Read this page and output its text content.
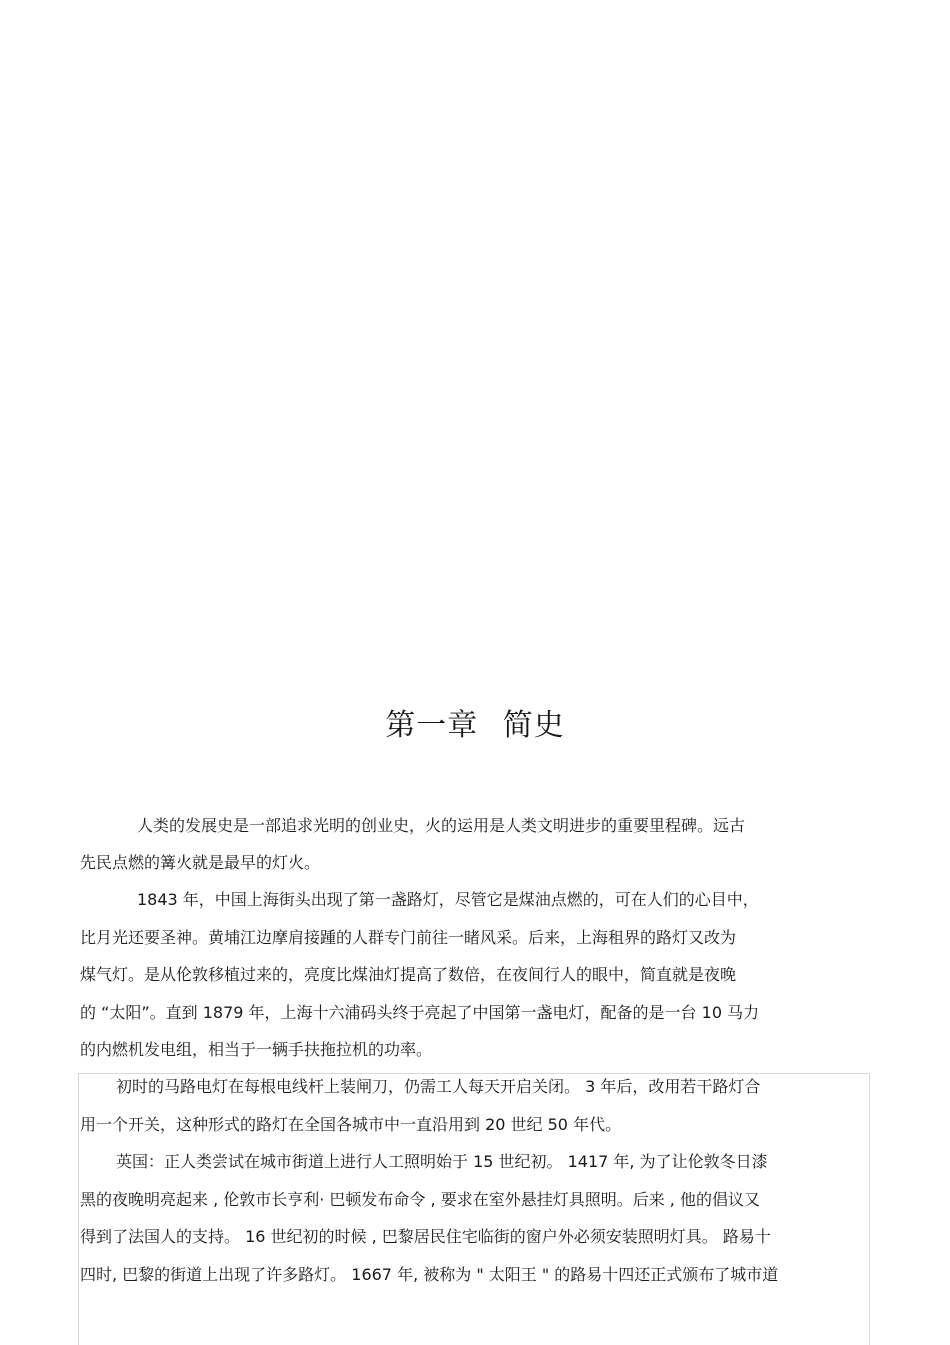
第一章 简史

人类的发展史是一部追求光明的创业史，火的运用是人类文明进步的重要里程碑。远古

先民点燃的篝火就是最早的灯火。

1843 年，中国上海街头出现了第一盏路灯，尽管它是煤油点燃的，可在人们的心目中，

比月光还要圣神。黄埔江边摩肩接踵的人群专门前往一睹风采。后来，上海租界的路灯又改为

煤气灯。是从伦敦移植过来的，亮度比煤油灯提高了数倍，在夜间行人的眼中，简直就是夜晚

的 “太阳”。直到 1879 年，上海十六浦码头终于亮起了中国第一盏电灯，配备的是一台 10 马力

的内燃机发电组，相当于一辆手扶拖拉机的功率。

初时的马路电灯在每根电线杆上装闸刀，仍需工人每天开启关闭。 3 年后，改用若干路灯合

用一个开关，这种形式的路灯在全国各城市中一直沿用到 20 世纪 50 年代。

英国：正人类尝试在城市街道上进行人工照明始于 15 世纪初。 1417 年, 为了让伦敦冬日漆

黑的夜晚明亮起来 , 伦敦市长亨利· 巴顿发布命令 , 要求在室外悬挂灯具照明。后来 , 他的倡议又

得到了法国人的支持。 16 世纪初的时候 , 巴黎居民住宅临街的窗户外必须安装照明灯具。 路易十

四时, 巴黎的街道上出现了许多路灯。 1667 年, 被称为 " 太阳王 " 的路易十四还正式颁布了城市道
